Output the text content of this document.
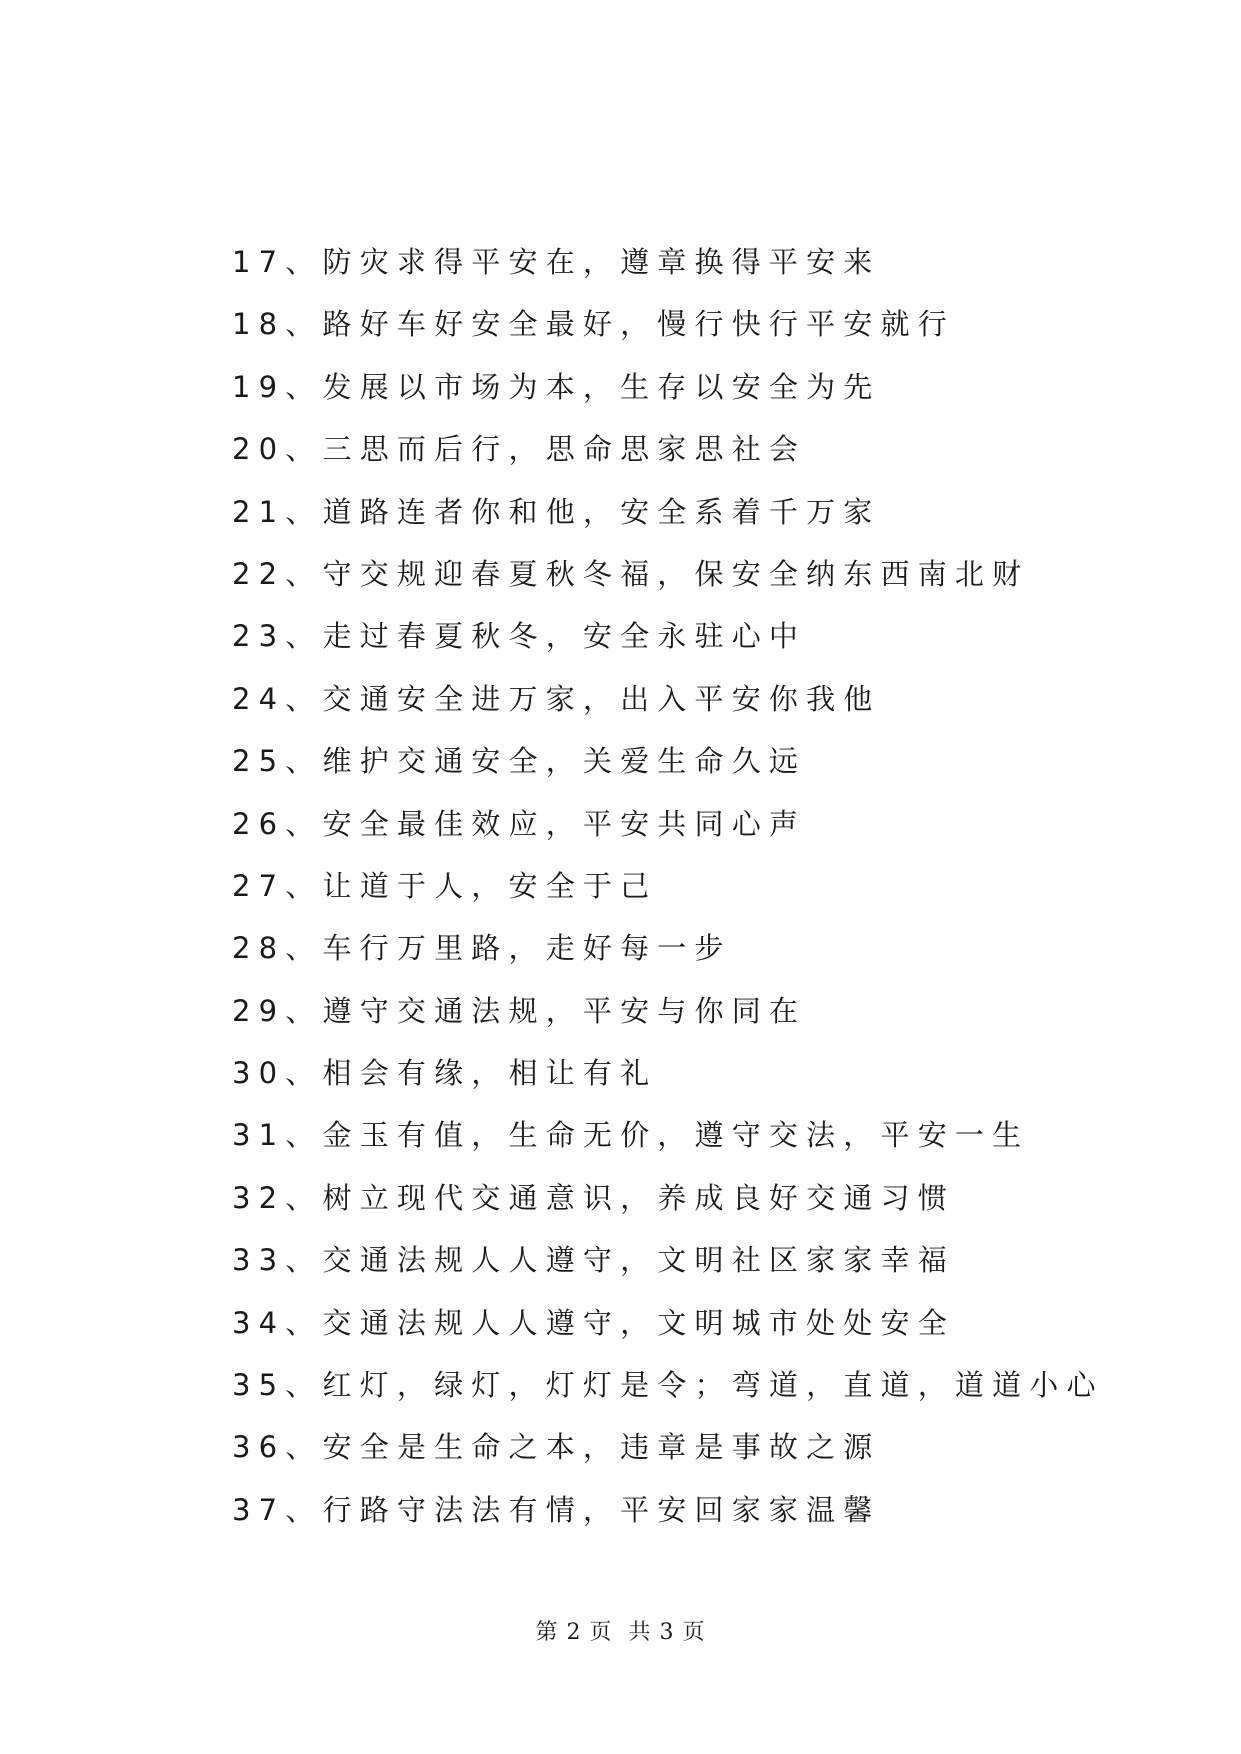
17、防灾求得平安在，遵章换得平安来
18、路好车好安全最好，慢行快行平安就行
19、发展以市场为本，生存以安全为先
20、三思而后行，思命思家思社会
21、道路连者你和他，安全系着千万家
22、守交规迎春夏秋冬福，保安全纳东西南北财
23、走过春夏秋冬，安全永驻心中
24、交通安全进万家，出入平安你我他
25、维护交通安全，关爱生命久远
26、安全最佳效应，平安共同心声
27、让道于人，安全于己
28、车行万里路，走好每一步
29、遵守交通法规，平安与你同在
30、相会有缘，相让有礼
31、金玉有值，生命无价，遵守交法，平安一生
32、树立现代交通意识，养成良好交通习惯
33、交通法规人人遵守，文明社区家家幸福
34、交通法规人人遵守，文明城市处处安全
35、红灯，绿灯，灯灯是令；弯道，直道，道道小心
36、安全是生命之本，违章是事故之源
37、行路守法法有情，平安回家家温馨
第 2 页  共 3 页
